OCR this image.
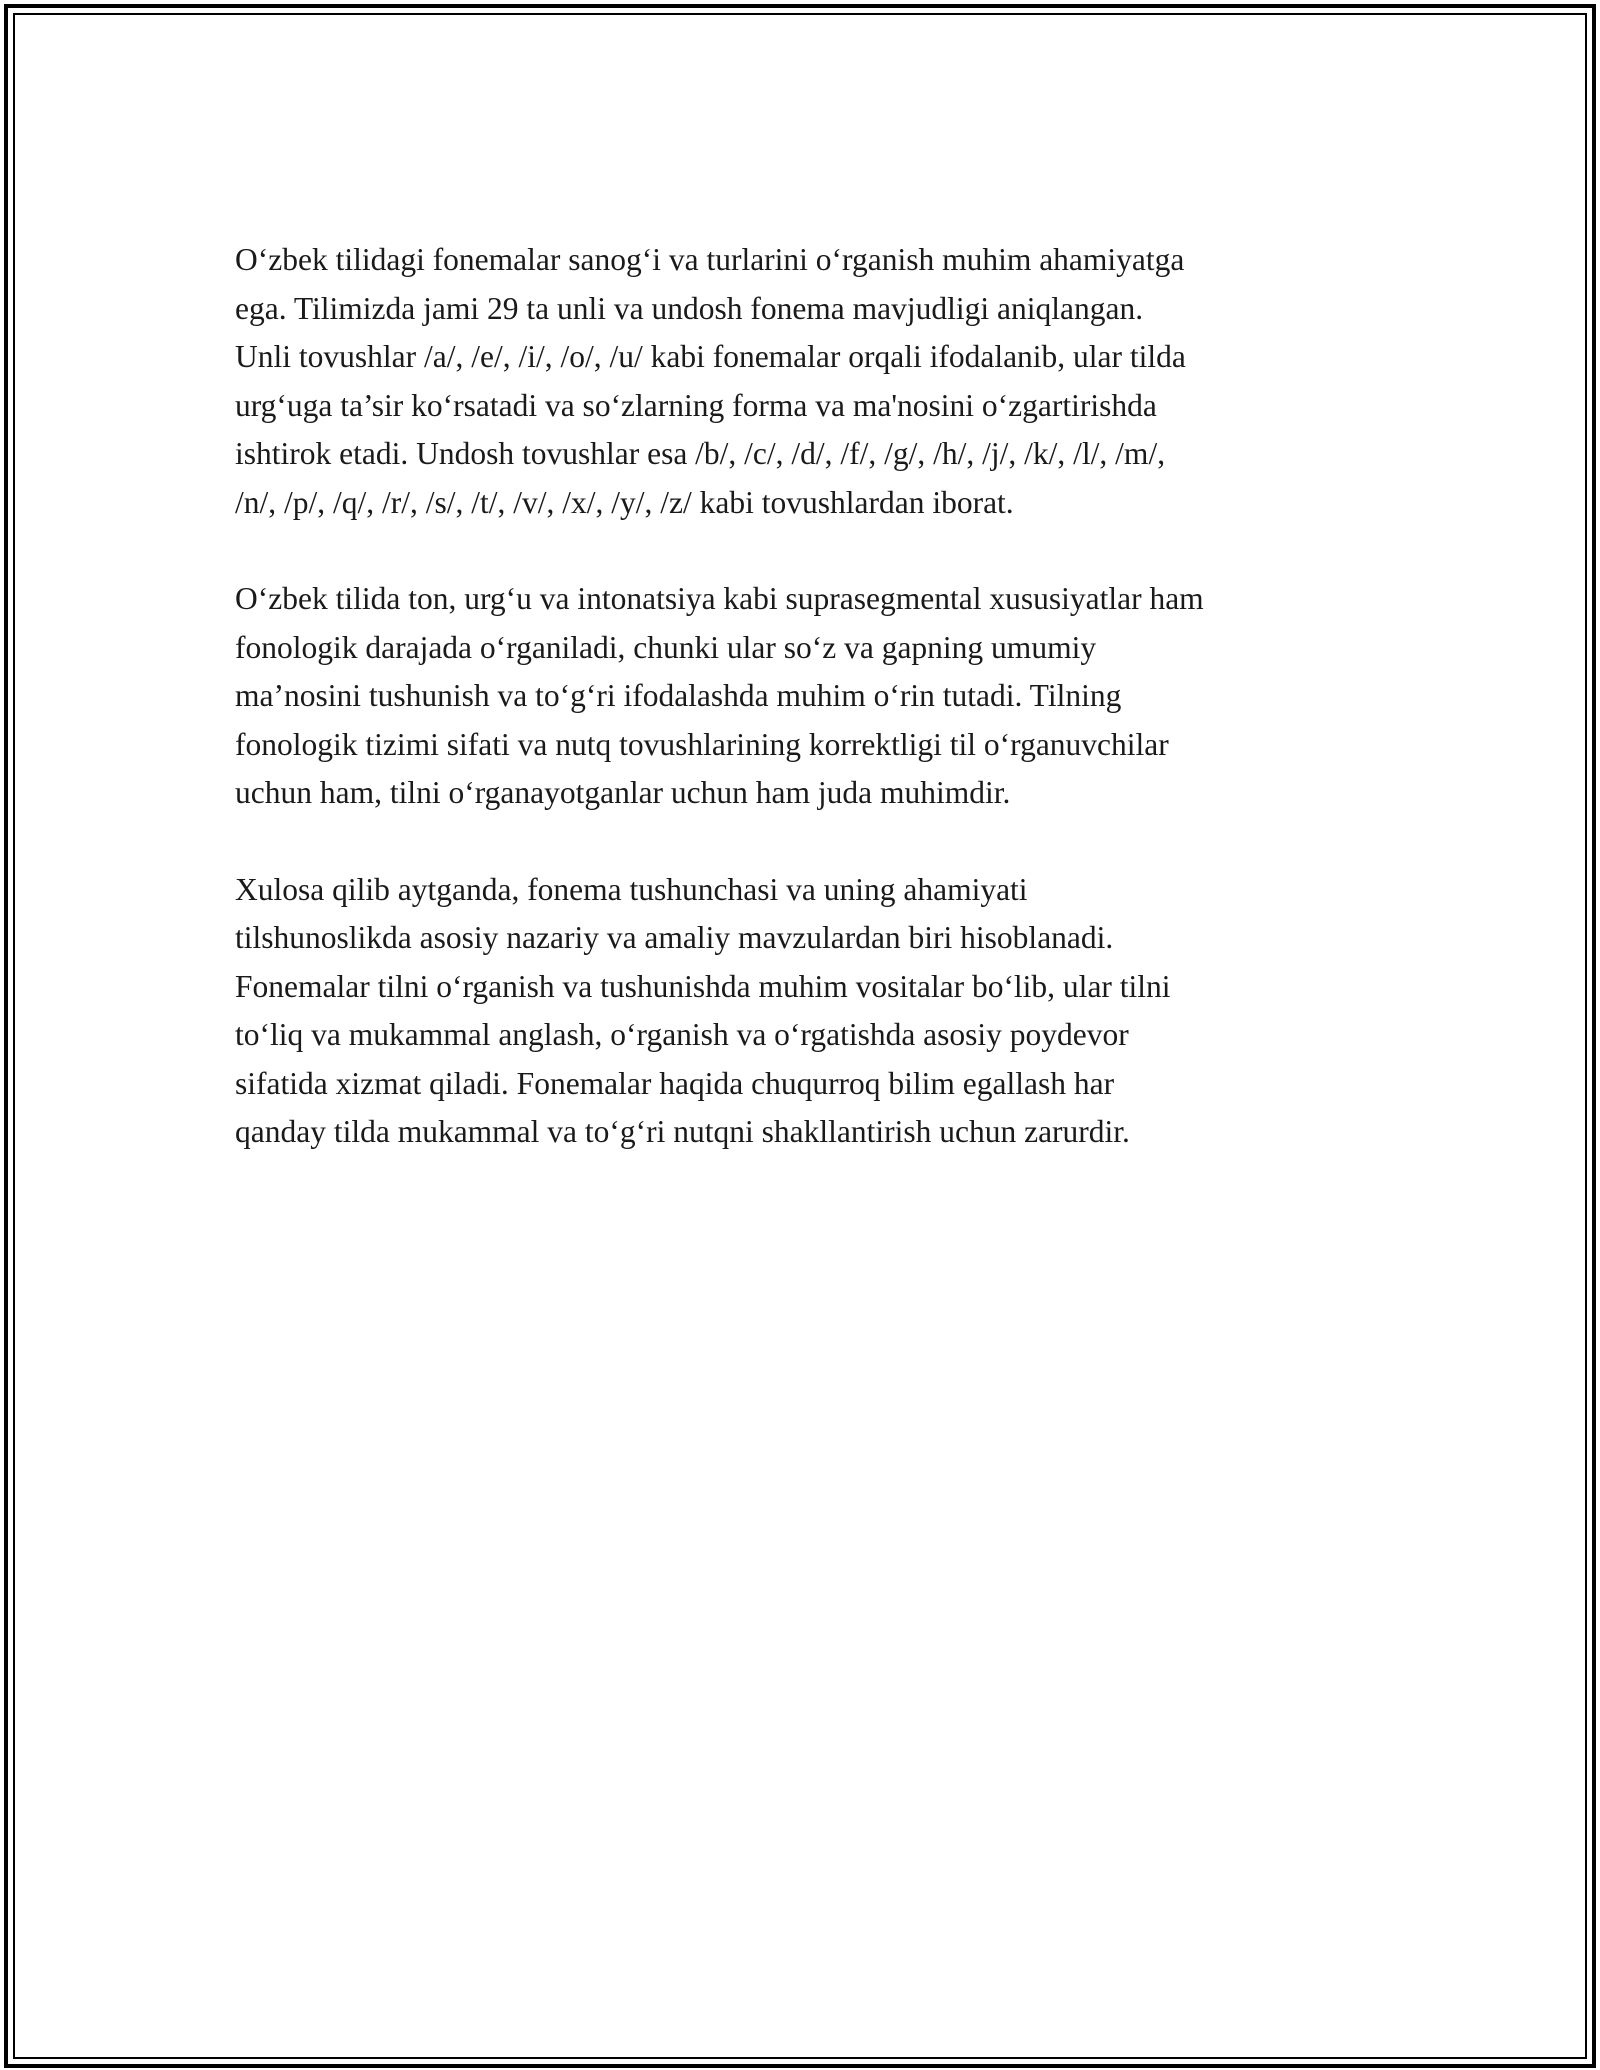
O‘zbek tilidagi fonemalar sanog‘i va turlarini o‘rganish muhim ahamiyatga
ega. Tilimizda jami 29 ta unli va undosh fonema mavjudligi aniqlangan.
Unli tovushlar /a/, /e/, /i/, /o/, /u/ kabi fonemalar orqali ifodalanib, ular tilda
urg‘uga ta’sir ko‘rsatadi va so‘zlarning forma va ma'nosini o‘zgartirishda
ishtirok etadi. Undosh tovushlar esa /b/, /c/, /d/, /f/, /g/, /h/, /j/, /k/, /l/, /m/,
/n/, /p/, /q/, /r/, /s/, /t/, /v/, /x/, /y/, /z/ kabi tovushlardan iborat.

O‘zbek tilida ton, urg‘u va intonatsiya kabi suprasegmental xususiyatlar ham
fonologik darajada o‘rganiladi, chunki ular so‘z va gapning umumiy
ma’nosini tushunish va to‘g‘ri ifodalashda muhim o‘rin tutadi. Tilning
fonologik tizimi sifati va nutq tovushlarining korrektligi til o‘rganuvchilar
uchun ham, tilni o‘rganayotganlar uchun ham juda muhimdir.

Xulosa qilib aytganda, fonema tushunchasi va uning ahamiyati
tilshunoslikda asosiy nazariy va amaliy mavzulardan biri hisoblanadi.
Fonemalar tilni o‘rganish va tushunishda muhim vositalar bo‘lib, ular tilni
to‘liq va mukammal anglash, o‘rganish va o‘rgatishda asosiy poydevor
sifatida xizmat qiladi. Fonemalar haqida chuqurroq bilim egallash har
qanday tilda mukammal va to‘g‘ri nutqni shakllantirish uchun zarurdir.
